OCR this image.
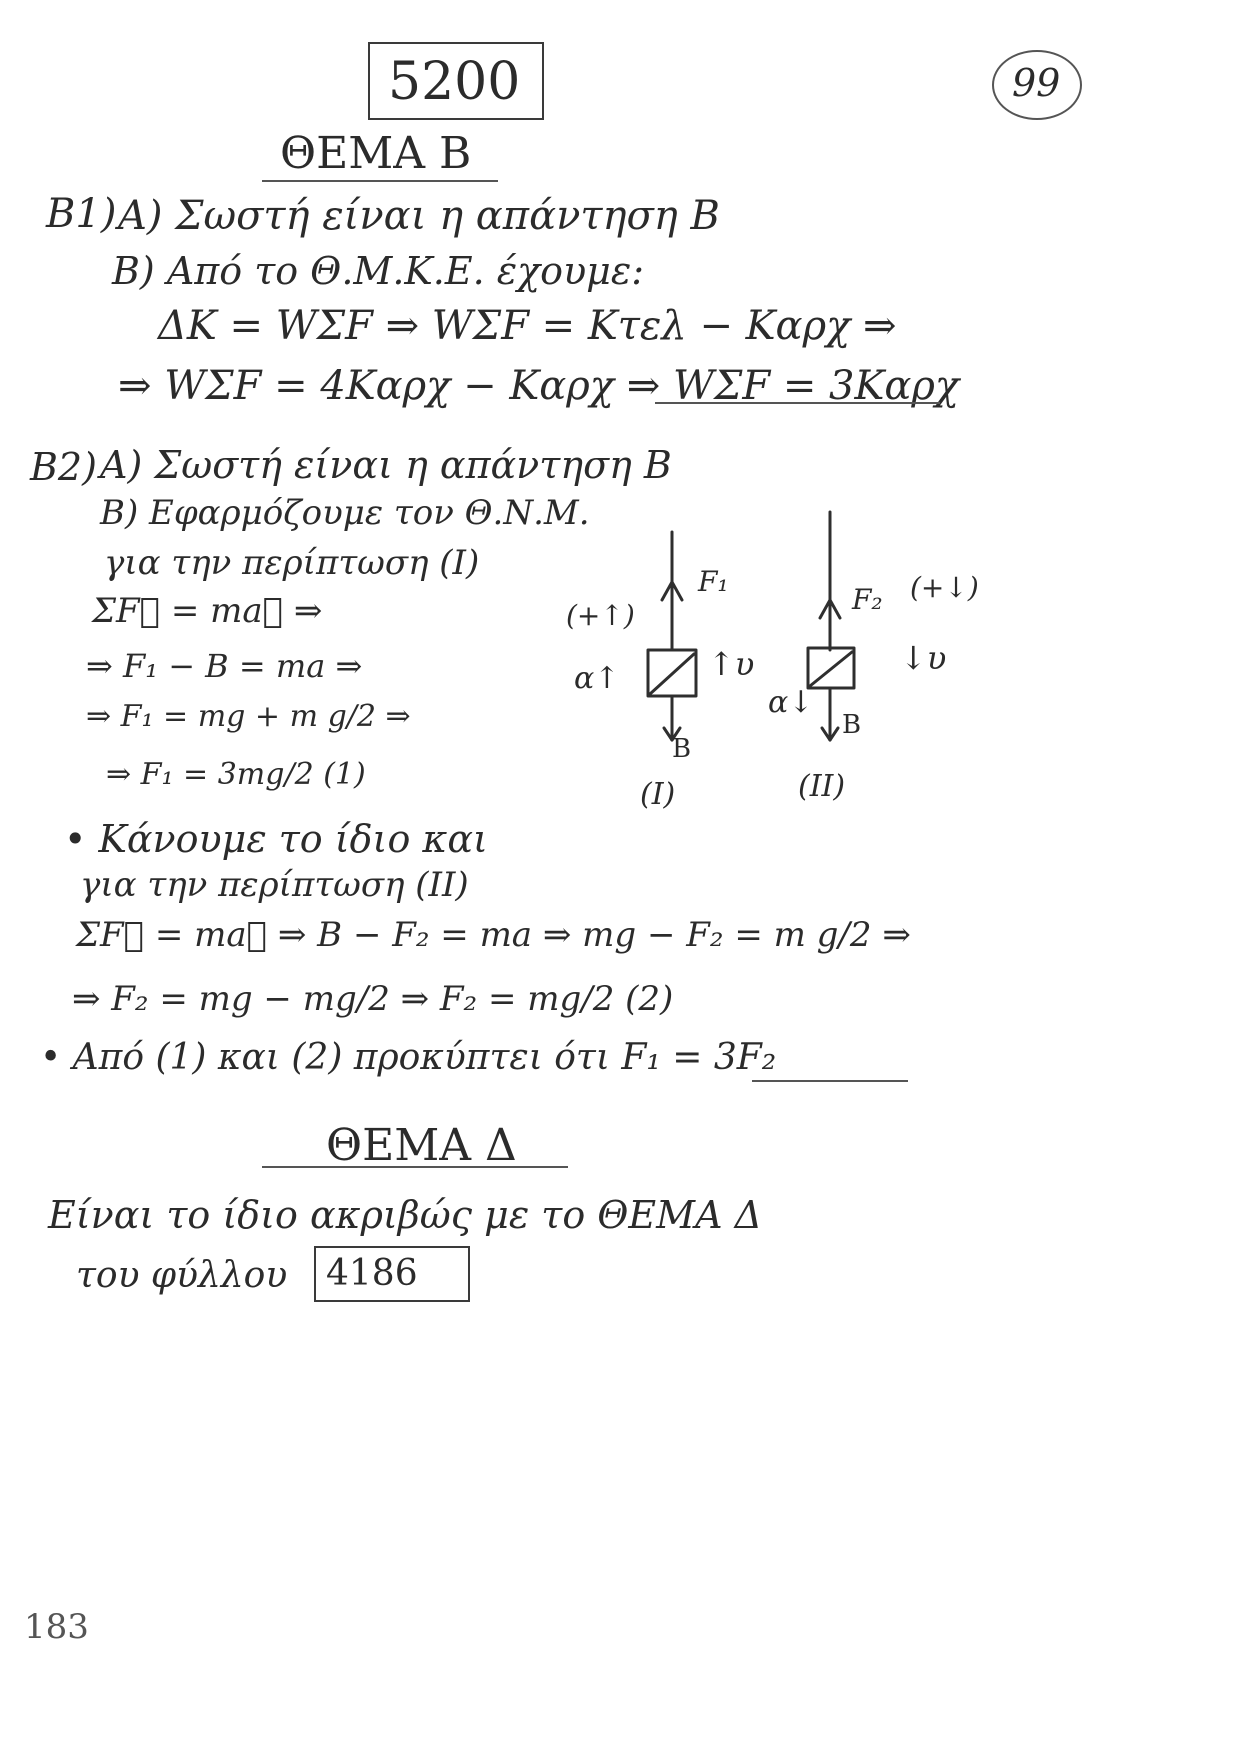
5200	99
ΘΕΜΑ Β
Β1) Α) Σωστή είναι η απάντηση Β
Β) Από το Θ.Μ.Κ.Ε. έχουμε:
ΔΚ = WΣF ⇒ WΣF = Kτελ − Kαρχ ⇒
⇒ WΣF = 4Kαρχ − Kαρχ ⇒ WΣF = 3Kαρχ
Β2) Α) Σωστή είναι η απάντηση Β
Β) Εφαρμόζουμε τον Θ.Ν.Μ.
για την περίπτωση (Ι)
ΣF⃗ = ma⃗ ⇒
⇒ F₁ − B = ma ⇒
⇒ F₁ = mg + m g/2 ⇒
⇒ F₁ = 3mg/2 (1)
F₁
(+↑)
α↑	↑υ
B
(Ι)
F₂ (+↓)
α↓
↓υ
B
(ΙΙ)
• Κάνουμε το ίδιο και
για την περίπτωση (ΙΙ)
ΣF⃗ = ma⃗ ⇒ B − F₂ = ma ⇒ mg − F₂ = m g/2 ⇒
⇒ F₂ = mg − mg/2 ⇒ F₂ = mg/2 (2)
• Από (1) και (2) προκύπτει ότι F₁ = 3F₂
ΘΕΜΑ Δ
Είναι το ίδιο ακριβώς με το ΘΕΜΑ Δ
του φύλλου 4186
183
